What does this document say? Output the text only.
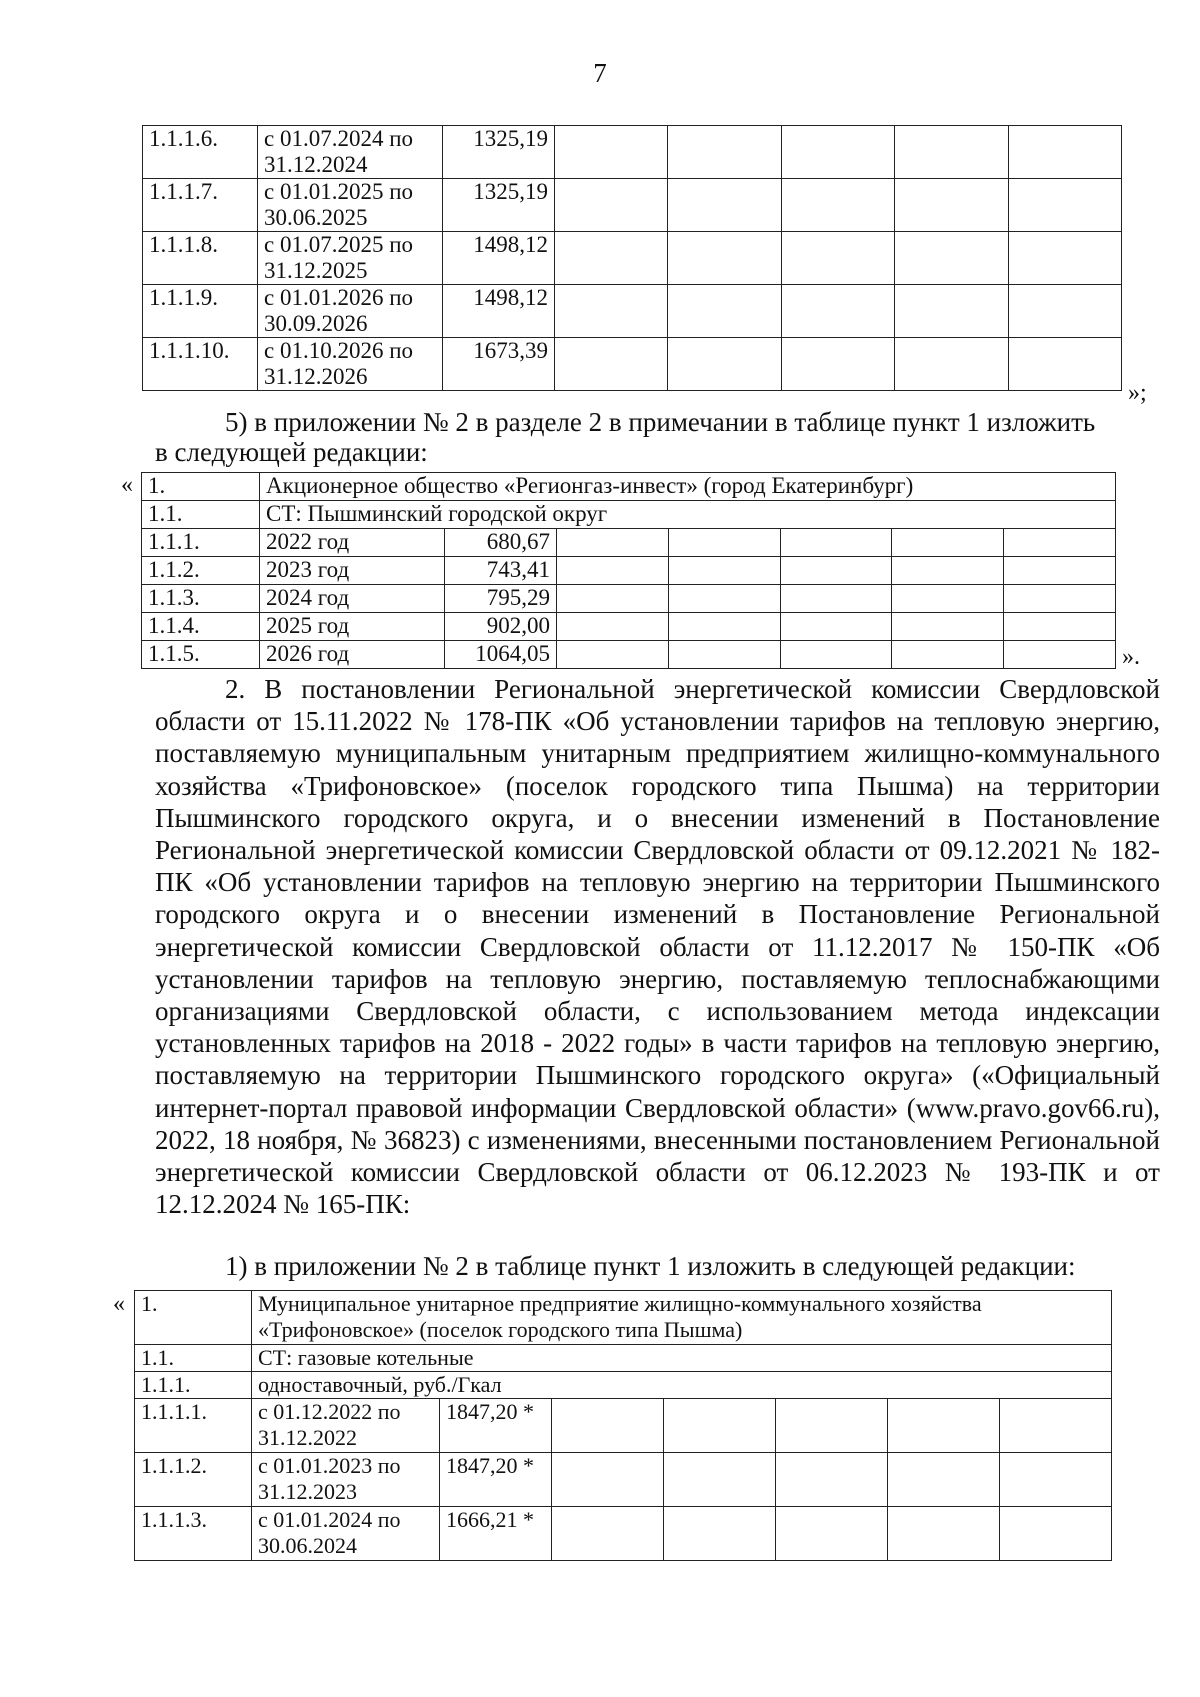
7
1.1.1.6.	с 01.07.2024 по 31.12.2024	1325,19					
1.1.1.7.	с 01.01.2025 по 30.06.2025	1325,19					
1.1.1.8.	с 01.07.2025 по 31.12.2025	1498,12					
1.1.1.9.	с 01.01.2026 по 30.09.2026	1498,12					
1.1.1.10.	с 01.10.2026 по 31.12.2026	1673,39					
»;
5) в приложении № 2 в разделе 2 в примечании в таблице пункт 1 изложить
в следующей редакции:
« 1.	Акционерное общество «Регионгаз-инвест» (город Екатеринбург)						
1.1.	СТ: Пышминский городской округ						
1.1.1.	2022 год	680,67					
1.1.2.	2023 год	743,41					
1.1.3.	2024 год	795,29					
1.1.4.	2025 год	902,00					
1.1.5.	2026 год	1064,05						».
2. В постановлении Региональной энергетической комиссии Свердловской области от 15.11.2022 № 178-ПК «Об установлении тарифов на тепловую энергию, поставляемую муниципальным унитарным предприятием жилищно-коммунального хозяйства «Трифоновское» (поселок городского типа Пышма) на территории Пышминского городского округа, и о внесении изменений в Постановление Региональной энергетической комиссии Свердловской области от 09.12.2021 № 182-ПК «Об установлении тарифов на тепловую энергию на территории Пышминского городского округа и о внесении изменений в Постановление Региональной энергетической комиссии Свердловской области от 11.12.2017 № 150-ПК «Об установлении тарифов на тепловую энергию, поставляемую теплоснабжающими организациями Свердловской области, с использованием метода индексации установленных тарифов на 2018 - 2022 годы» в части тарифов на тепловую энергию, поставляемую на территории Пышминского городского округа» («Официальный интернет-портал правовой информации Свердловской области» (www.pravo.gov66.ru), 2022, 18 ноября, № 36823) с изменениями, внесенными постановлением Региональной энергетической комиссии Свердловской области от 06.12.2023 № 193-ПК и от 12.12.2024 № 165-ПК:
1) в приложении № 2 в таблице пункт 1 изложить в следующей редакции:
« 1.	Муниципальное унитарное предприятие жилищно-коммунального хозяйства «Трифоновское» (поселок городского типа Пышма)						
1.1.	СТ: газовые котельные						
1.1.1.	одноставочный, руб./Гкал						
1.1.1.1.	с 01.12.2022 по 31.12.2022	1847,20 *					
1.1.1.2.	с 01.01.2023 по 31.12.2023	1847,20 *					
1.1.1.3.	с 01.01.2024 по 30.06.2024	1666,21 *					
